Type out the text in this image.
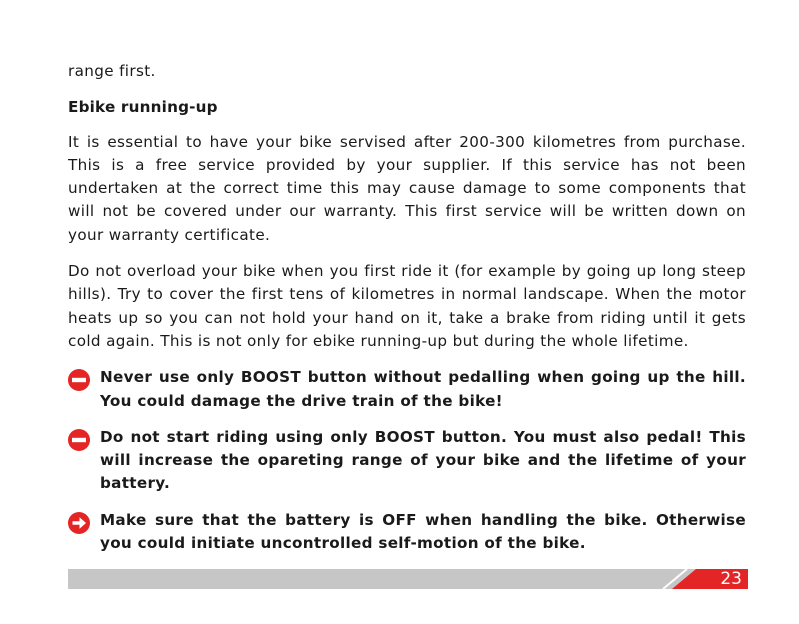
range first.

Ebike running-up

It is essential to have your bike servised after 200-300 kilometres from purchase. This is a free service provided by your supplier. If this service has not been undertaken at the correct time this may cause damage to some components that will not be covered under our warranty. This first service will be written down on your warranty certificate.

Do not overload your bike when you first ride it (for example by going up long steep hills). Try to cover the first tens of kilometres in normal landscape. When the motor heats up so you can not hold your hand on it, take a brake from riding until it gets cold again. This is not only for ebike running-up but during the whole lifetime.

Never use only BOOST button without pedalling when going up the hill. You could damage the drive train of the bike!

Do not start riding using only BOOST button. You must also pedal! This will increase the opareting range of your bike and the lifetime of your battery.

Make sure that the battery is OFF when handling the bike. Otherwise you could initiate uncontrolled self-motion of the bike.

23
